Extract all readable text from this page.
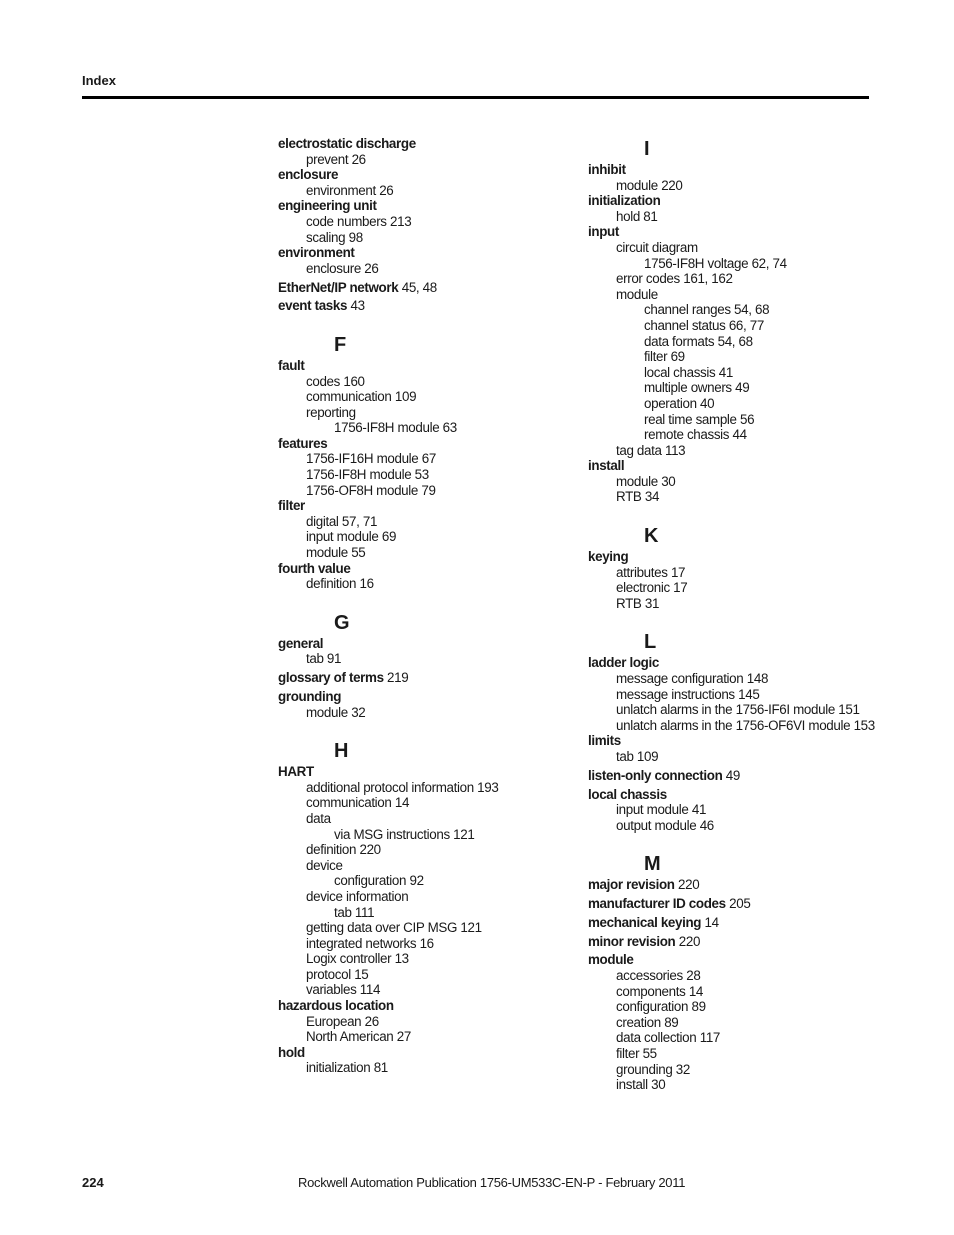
Index
electrostatic discharge
prevent 26
enclosure
environment 26
engineering unit
code numbers 213
scaling 98
environment
enclosure 26
EtherNet/IP network 45, 48
event tasks 43
F
fault
codes 160
communication 109
reporting
1756-IF8H module 63
features
1756-IF16H module 67
1756-IF8H module 53
1756-OF8H module 79
filter
digital 57, 71
input module 69
module 55
fourth value
definition 16
G
general
tab 91
glossary of terms 219
grounding
module 32
H
HART
additional protocol information 193
communication 14
data
via MSG instructions 121
definition 220
device
configuration 92
device information
tab 111
getting data over CIP MSG 121
integrated networks 16
Logix controller 13
protocol 15
variables 114
hazardous location
European 26
North American 27
hold
initialization 81
I
inhibit
module 220
initialization
hold 81
input
circuit diagram
1756-IF8H voltage 62, 74
error codes 161, 162
module
channel ranges 54, 68
channel status 66, 77
data formats 54, 68
filter 69
local chassis 41
multiple owners 49
operation 40
real time sample 56
remote chassis 44
tag data 113
install
module 30
RTB 34
K
keying
attributes 17
electronic 17
RTB 31
L
ladder logic
message configuration 148
message instructions 145
unlatch alarms in the 1756-IF6I module 151
unlatch alarms in the 1756-OF6VI module 153
limits
tab 109
listen-only connection 49
local chassis
input module 41
output module 46
M
major revision 220
manufacturer ID codes 205
mechanical keying 14
minor revision 220
module
accessories 28
components 14
configuration 89
creation 89
data collection 117
filter 55
grounding 32
install 30
224	Rockwell Automation Publication 1756-UM533C-EN-P - February 2011
